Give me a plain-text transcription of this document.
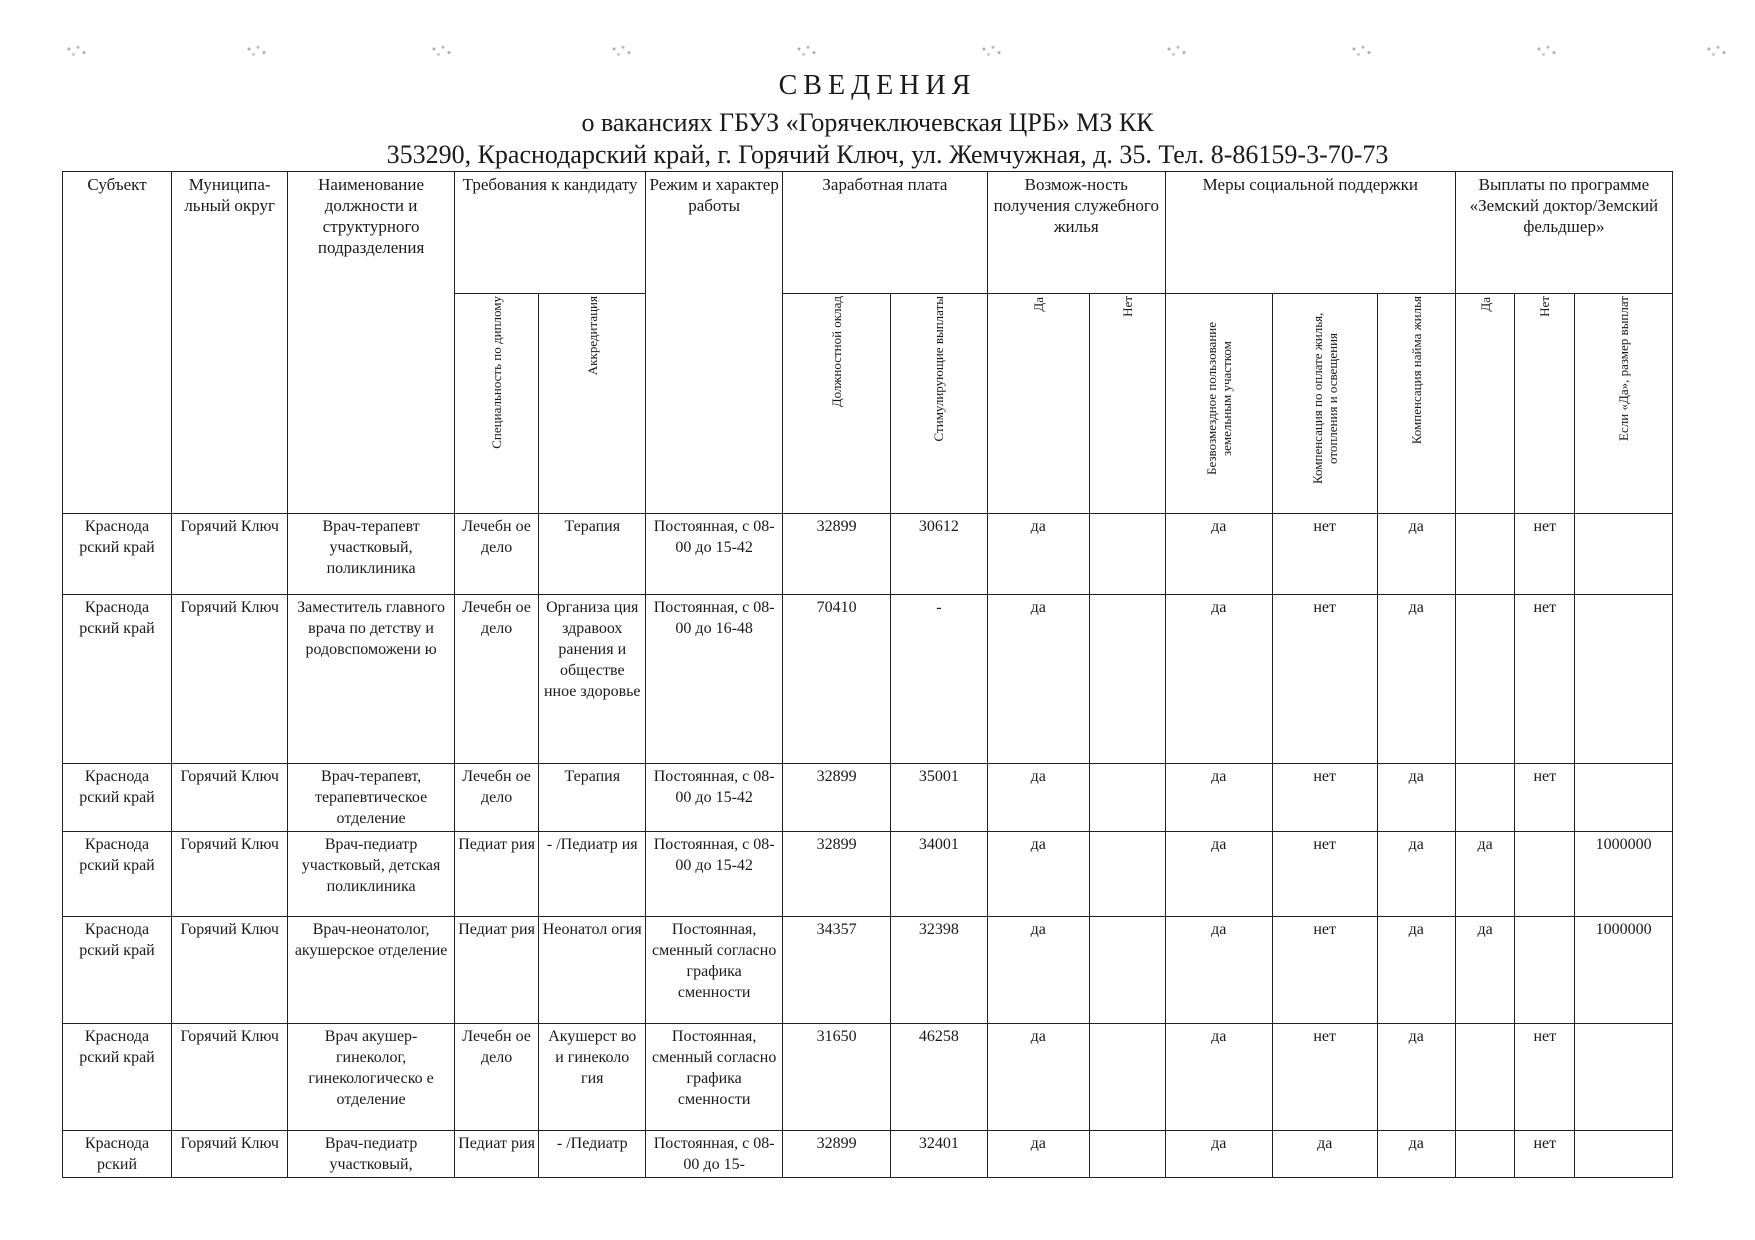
СВЕДЕНИЯ
о вакансиях ГБУЗ «Горячеключевская ЦРБ» МЗ КК
353290, Краснодарский край, г. Горячий Ключ, ул. Жемчужная, д. 35. Тел. 8-86159-3-70-73
Субъект	Муниципа-льный округ	Наименование должности и структурного подразделения	Требования к кандидату		Режим и характер работы	Заработная плата		Возмож-ность получения служебного жилья		Меры социальной поддержки			Выплаты по программе «Земский доктор/Земский фельдшер»		
			Специальность по диплому	Аккредитация		Должностной оклад	Стимулирующие выплаты	Да	Нет	Безвозмездное пользование земельным участком	Компенсация по оплате жилья, отопления и освещения	Компенсация найма жилья	Да	Нет	Если «Да», размер выплат
Краснода рский край	Горячий Ключ	Врач-терапевт участковый, поликлиника	Лечебн ое дело	Терапия	Постоянная, с 08-00 до 15-42	32899	30612	да		да	нет	да		нет	
Краснода рский край	Горячий Ключ	Заместитель главного врача по детству и родовспоможени ю	Лечебн ое дело	Организа ция здравоох ранения и обществе нное здоровье	Постоянная, с 08-00 до 16-48	70410	-	да		да	нет	да		нет	
Краснода рский край	Горячий Ключ	Врач-терапевт, терапевтическое отделение	Лечебн ое дело	Терапия	Постоянная, с 08-00 до 15-42	32899	35001	да		да	нет	да		нет	
Краснода рский край	Горячий Ключ	Врач-педиатр участковый, детская поликлиника	Педиат рия	- /Педиатр ия	Постоянная, с 08-00 до 15-42	32899	34001	да		да	нет	да	да		1000000
Краснода рский край	Горячий Ключ	Врач-неонатолог, акушерское отделение	Педиат рия	Неонатол огия	Постоянная, сменный согласно графика сменности	34357	32398	да		да	нет	да	да		1000000
Краснода рский край	Горячий Ключ	Врач акушер-гинеколог, гинекологическо е отделение	Лечебн ое дело	Акушерст во и гинеколо гия	Постоянная, сменный согласно графика сменности	31650	46258	да		да	нет	да		нет	
Краснода рский	Горячий Ключ	Врач-педиатр участковый,	Педиат рия	- /Педиатр	Постоянная, с 08-00 до 15-	32899	32401	да		да	да	да		нет	
